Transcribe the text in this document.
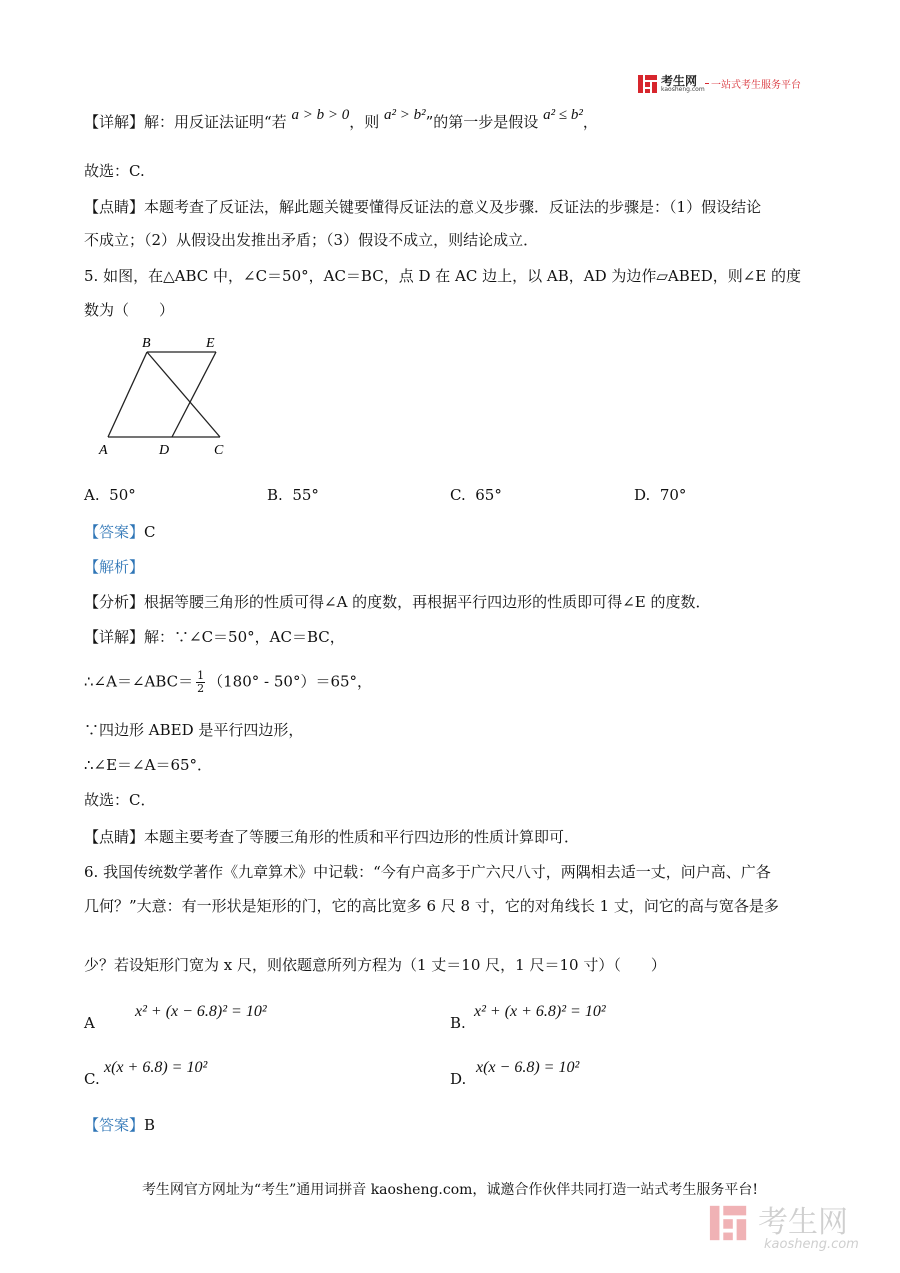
考生网
kaosheng.com 一站式考生服务平台
【详解】解：用反证法证明“若 a > b > 0，则 a² > b²”的第一步是假设 a² ≤ b²，
故选：C.
【点睛】本题考查了反证法，解此题关键要懂得反证法的意义及步骤．反证法的步骤是：（1）假设结论
不成立；（2）从假设出发推出矛盾；（3）假设不成立，则结论成立．
5. 如图，在△ABC 中，∠C＝50°，AC＝BC，点 D 在 AC 边上，以 AB，AD 为边作▱ABED，则∠E 的度
数为（　　）
B	E
A	D	C
A. 50°	B. 55°	C. 65°	D. 70°
【答案】C
【解析】
【分析】根据等腰三角形的性质可得∠A 的度数，再根据平行四边形的性质即可得∠E 的度数．
【详解】解：∵∠C＝50°，AC＝BC，
∴∠A＝∠ABC＝ $\frac{1}{2} (180^\circ - 50^\circ)=65^\circ$，
∵四边形 ABED 是平行四边形，
∴∠E＝∠A＝65°．
故选：C．
【点睛】本题主要考查了等腰三角形的性质和平行四边形的性质计算即可．
6. 我国传统数学著作《九章算术》中记载：“今有户高多于广六尺八寸，两隅相去适一丈，问户高、广各
几何？”大意：有一形状是矩形的门，它的高比宽多 6 尺 8 寸，它的对角线长 1 丈，问它的高与宽各是多
少？若设矩形门宽为 x 尺，则依题意所列方程为（1 丈＝10 尺，1 尺＝10 寸）（　　）
A
x² + (x − 6.8)² = 10²
B.
x² + (x + 6.8)² = 10²
C.
x(x + 6.8) = 10²
D.
x(x − 6.8) = 10²
【答案】B
考生网官方网址为“考生”通用词拼音 kaosheng.com，诚邀合作伙伴共同打造一站式考生服务平台!
考生网
kaosheng.com
